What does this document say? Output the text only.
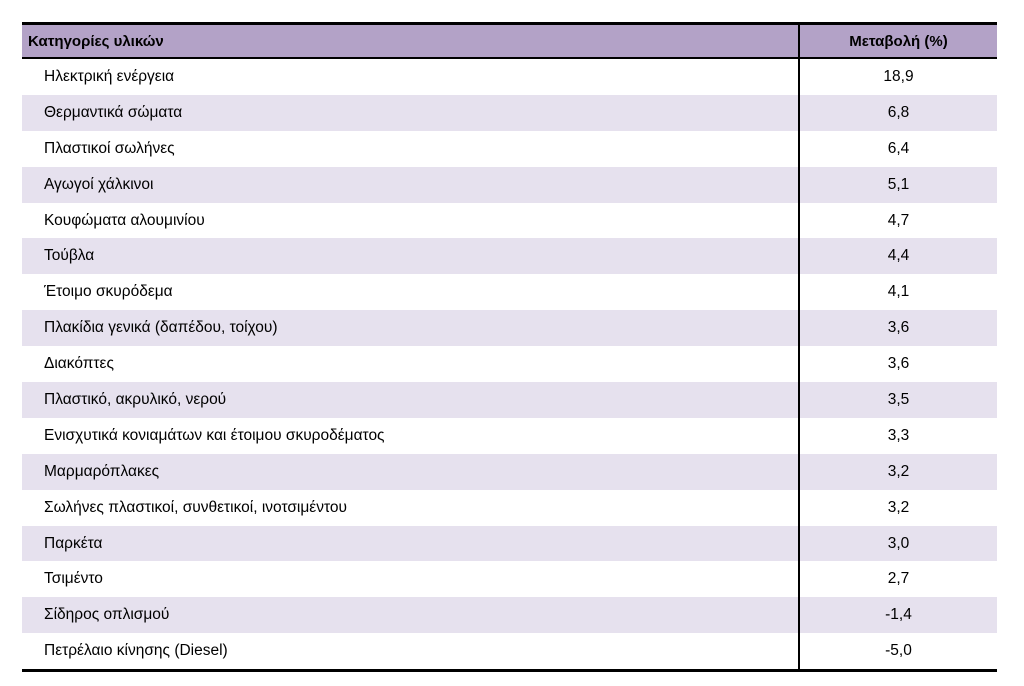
Κατηγορίες υλικών	Μεταβολή (%)
Ηλεκτρική ενέργεια	18,9
Θερμαντικά σώματα	6,8
Πλαστικοί σωλήνες	6,4
Αγωγοί χάλκινοι	5,1
Κουφώματα αλουμινίου	4,7
Τούβλα	4,4
Έτοιμο σκυρόδεμα	4,1
Πλακίδια γενικά (δαπέδου, τοίχου)	3,6
Διακόπτες	3,6
Πλαστικό, ακρυλικό, νερού	3,5
Ενισχυτικά κονιαμάτων και έτοιμου σκυροδέματος	3,3
Μαρμαρόπλακες	3,2
Σωλήνες πλαστικοί, συνθετικοί, ινοτσιμέντου	3,2
Παρκέτα	3,0
Τσιμέντο	2,7
Σίδηρος οπλισμού	-1,4
Πετρέλαιο κίνησης (Diesel)	-5,0
